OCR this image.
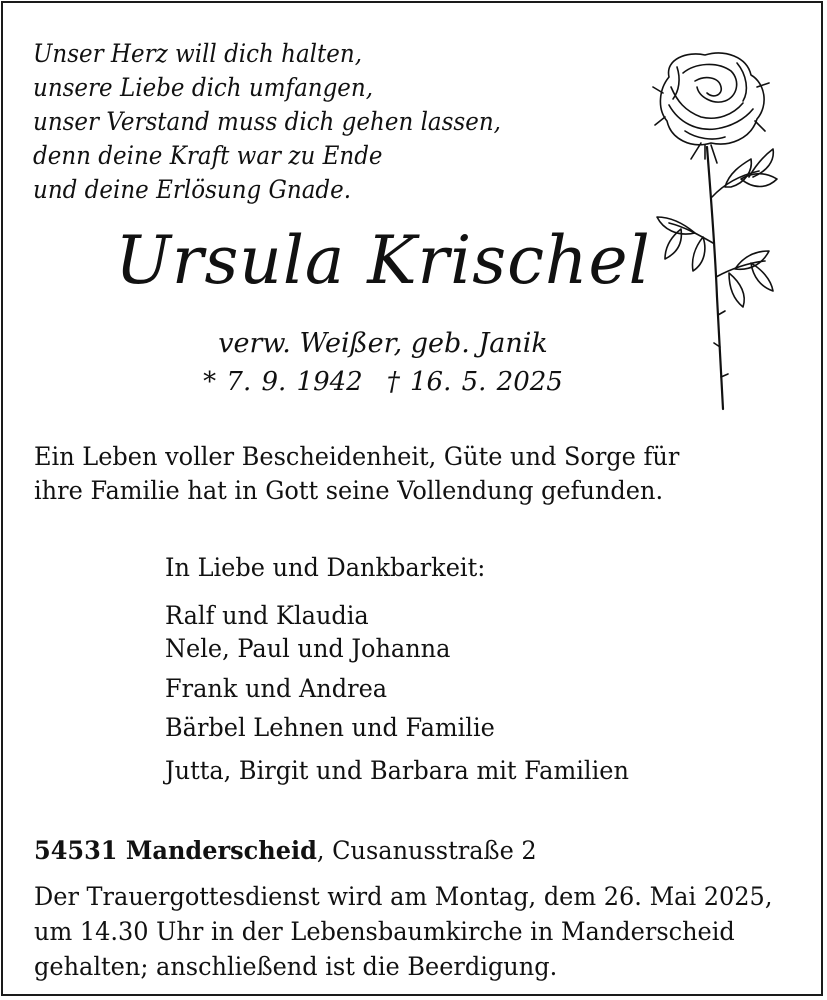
Unser Herz will dich halten,
unsere Liebe dich umfangen,
unser Verstand muss dich gehen lassen,
denn deine Kraft war zu Ende
und deine Erlösung Gnade.
Ursula Krischel
verw. Weißer, geb. Janik
* 7. 9. 1942 † 16. 5. 2025
Ein Leben voller Bescheidenheit, Güte und Sorge für
ihre Familie hat in Gott seine Vollendung gefunden.
In Liebe und Dankbarkeit:
Ralf und Klaudia
Nele, Paul und Johanna
Frank und Andrea
Bärbel Lehnen und Familie
Jutta, Birgit und Barbara mit Familien
54531 Manderscheid, Cusanusstraße 2
Der Trauergottesdienst wird am Montag, dem 26. Mai 2025,
um 14.30 Uhr in der Lebensbaumkirche in Manderscheid
gehalten; anschließend ist die Beerdigung.
